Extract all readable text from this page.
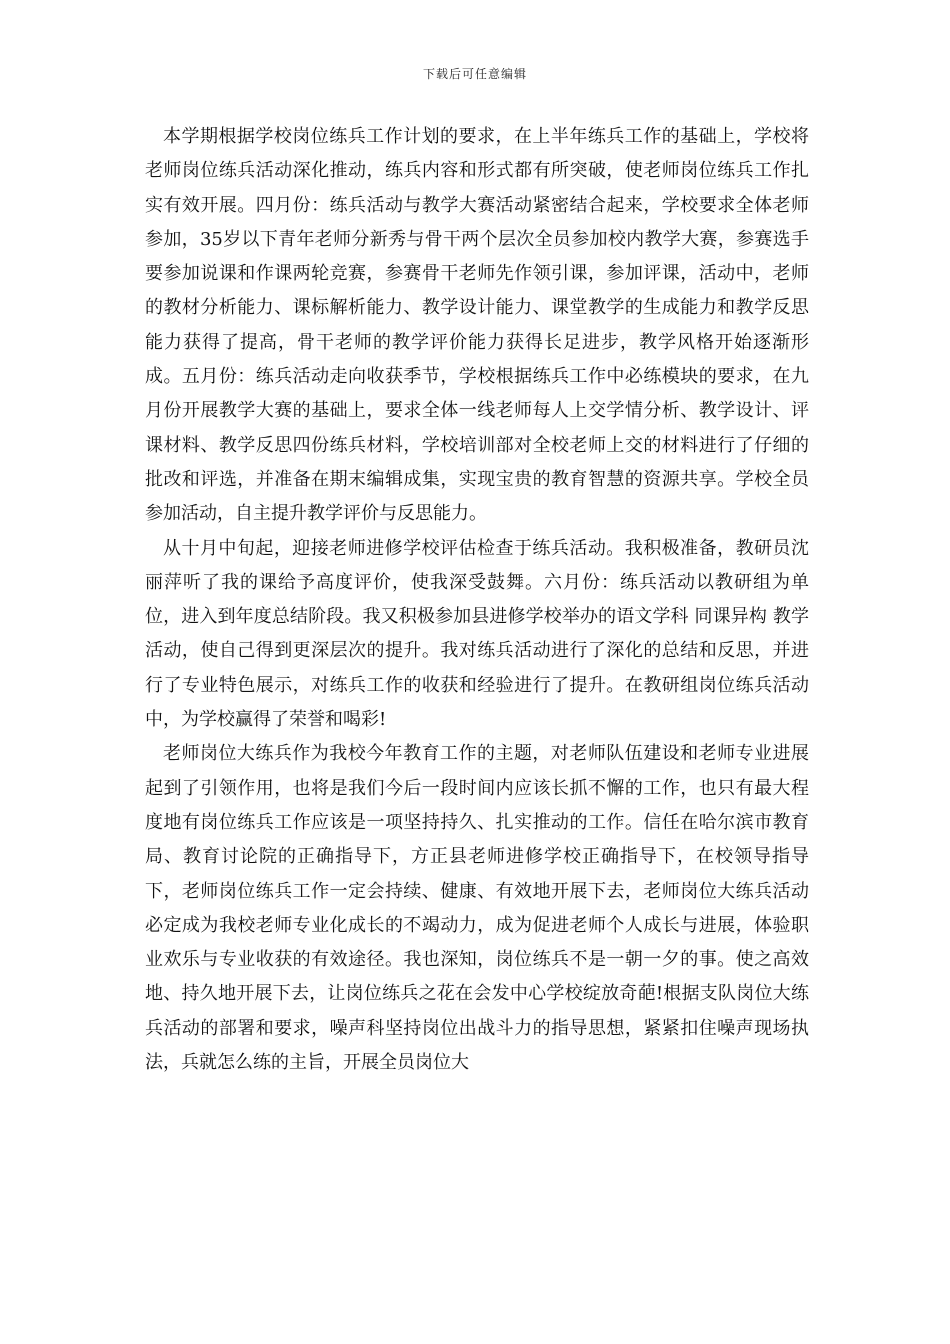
下载后可任意编辑

本学期根据学校岗位练兵工作计划的要求，在上半年练兵工作的基础上，学校将老师岗位练兵活动深化推动，练兵内容和形式都有所突破，使老师岗位练兵工作扎实有效开展。四月份：练兵活动与教学大赛活动紧密结合起来，学校要求全体老师参加，35岁以下青年老师分新秀与骨干两个层次全员参加校内教学大赛，参赛选手要参加说课和作课两轮竞赛，参赛骨干老师先作领引课，参加评课，活动中，老师的教材分析能力、课标解析能力、教学设计能力、课堂教学的生成能力和教学反思能力获得了提高，骨干老师的教学评价能力获得长足进步，教学风格开始逐渐形成。五月份：练兵活动走向收获季节，学校根据练兵工作中必练模块的要求，在九月份开展教学大赛的基础上，要求全体一线老师每人上交学情分析、教学设计、评课材料、教学反思四份练兵材料，学校培训部对全校老师上交的材料进行了仔细的批改和评选，并准备在期末编辑成集，实现宝贵的教育智慧的资源共享。学校全员参加活动，自主提升教学评价与反思能力。

从十月中旬起，迎接老师进修学校评估检查于练兵活动。我积极准备，教研员沈丽萍听了我的课给予高度评价，使我深受鼓舞。六月份：练兵活动以教研组为单位，进入到年度总结阶段。我又积极参加县进修学校举办的语文学科 同课异构 教学活动，使自己得到更深层次的提升。我对练兵活动进行了深化的总结和反思，并进行了专业特色展示，对练兵工作的收获和经验进行了提升。在教研组岗位练兵活动中，为学校赢得了荣誉和喝彩!

老师岗位大练兵作为我校今年教育工作的主题，对老师队伍建设和老师专业进展起到了引领作用，也将是我们今后一段时间内应该长抓不懈的工作，也只有最大程度地有岗位练兵工作应该是一项坚持持久、扎实推动的工作。信任在哈尔滨市教育局、教育讨论院的正确指导下，方正县老师进修学校正确指导下，在校领导指导下，老师岗位练兵工作一定会持续、健康、有效地开展下去，老师岗位大练兵活动必定成为我校老师专业化成长的不竭动力，成为促进老师个人成长与进展，体验职业欢乐与专业收获的有效途径。我也深知，岗位练兵不是一朝一夕的事。使之高效地、持久地开展下去，让岗位练兵之花在会发中心学校绽放奇葩!根据支队岗位大练兵活动的部署和要求，噪声科坚持岗位出战斗力的指导思想，紧紧扣住噪声现场执法，兵就怎么练的主旨，开展全员岗位大
